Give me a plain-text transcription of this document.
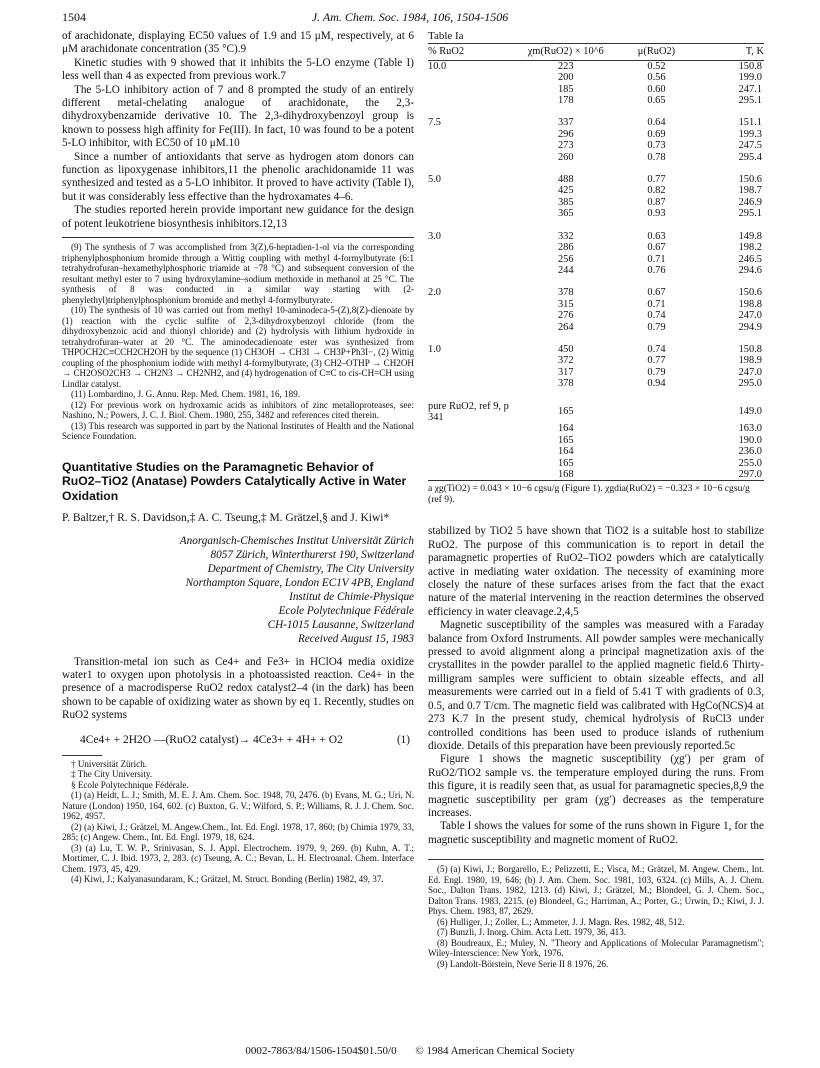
1504	J. Am. Chem. Soc. 1984, 106, 1504-1506

of arachidonate, displaying EC50 values of 1.9 and 15 μM, respectively, at 6 μM arachidonate concentration (35 °C).9

Kinetic studies with 9 showed that it inhibits the 5-LO enzyme (Table I) less well than 4 as expected from previous work.7

The 5-LO inhibitory action of 7 and 8 prompted the study of an entirely different metal-chelating analogue of arachidonate, the 2,3-dihydroxybenzamide derivative 10. The 2,3-dihydroxybenzoyl group is known to possess high affinity for Fe(III). In fact, 10 was found to be a potent 5-LO inhibitor, with EC50 of 10 μM.10

Since a number of antioxidants that serve as hydrogen atom donors can function as lipoxygenase inhibitors,11 the phenolic arachidonamide 11 was synthesized and tested as a 5-LO inhibitor. It proved to have activity (Table I), but it was considerably less effective than the hydroxamates 4–6.

The studies reported herein provide important new guidance for the design of potent leukotriene biosynthesis inhibitors.12,13

(9) The synthesis of 7 was accomplished from 3(Z),6-heptadien-1-ol via the corresponding triphenylphosphonium bromide through a Wittig coupling with methyl 4-formylbutyrate (6:1 tetrahydrofuran–hexamethylphosphoric triamide at −78 °C) and subsequent conversion of the resultant methyl ester to 7 using hydroxylamine–sodium methoxide in methanol at 25 °C. The synthesis of 8 was conducted in a similar way starting with (2-phenylethyl)triphenylphosphonium bromide and methyl 4-formylbutyrate.

(10) The synthesis of 10 was carried out from methyl 10-aminodeca-5-(Z),8(Z)-dienoate by (1) reaction with the cyclic sulfite of 2,3-dihydroxybenzoyl chloride (from the dihydroxybenzoic acid and thionyl chloride) and (2) hydrolysis with lithium hydroxide in tetrahydrofuran–water at 20 °C. The aminodecadienoate ester was synthesized from THPOCH2C≡CCH2CH2OH by the sequence (1) CH3OH → CH3I → CH3P+Ph3I−, (2) Wittig coupling of the phosphonium iodide with methyl 4-formylbutyrate, (3) CH2–OTHP → CH2OH → CH2OSO2CH3 → CH2N3 → CH2NH2, and (4) hydrogenation of C≡C to cis-CH=CH using Lindlar catalyst.

(11) Lombardino, J. G. Annu. Rep. Med. Chem. 1981, 16, 189.

(12) For previous work on hydroxamic acids as inhibitors of zinc metalloproteases, see: Nashino, N.; Powers, J. C. J. Biol. Chem. 1980, 255, 3482 and references cited therein.

(13) This research was supported in part by the National Institutes of Health and the National Science Foundation.

Quantitative Studies on the Paramagnetic Behavior of RuO2–TiO2 (Anatase) Powders Catalytically Active in Water Oxidation
P. Baltzer,† R. S. Davidson,‡ A. C. Tseung,‡ M. Grätzel,§ and J. Kiwi*
Anorganisch-Chemisches Institut Universität Zürich
8057 Zürich, Winterthurerst 190, Switzerland
Department of Chemistry, The City University
Northampton Square, London EC1V 4PB, England
Institut de Chimie-Physique
Ecole Polytechnique Fédérale
CH-1015 Lausanne, Switzerland
Received August 15, 1983

Transition-metal ion such as Ce4+ and Fe3+ in HClO4 media oxidize water1 to oxygen upon photolysis in a photoassisted reaction. Ce4+ in the presence of a macrodisperse RuO2 redox catalyst2–4 (in the dark) has been shown to be capable of oxidizing water as shown by eq 1. Recently, studies on RuO2 systems

4Ce4+ + 2H2O —(RuO2 catalyst)→ 4Ce3+ + 4H+ + O2	(1)

† Universität Zürich.

‡ The City University.

§ Ecole Polytechnique Fédérale.

(1) (a) Heidt, L. J.; Smith, M. E. J. Am. Chem. Soc. 1948, 70, 2476. (b) Evans, M. G.; Uri, N. Nature (London) 1950, 164, 602. (c) Buxton, G. V.; Wilford, S. P.; Williams, R. J. J. Chem. Soc. 1962, 4957.

(2) (a) Kiwi, J.; Grätzel, M. Angew.Chem., Int. Ed. Engl. 1978, 17, 860; (b) Chimia 1979, 33, 285; (c) Angew. Chem., Int. Ed. Engl. 1979, 18, 624.

(3) (a) Lu, T. W. P., Srinivasan, S. J. Appl. Electrochem. 1979, 9, 269. (b) Kuhn, A. T.; Mortimer, C. J. Ibid. 1973, 2, 283. (c) Tseung, A. C.; Bevan, L. H. Electroanal. Chem. Interface Chem. 1973, 45, 429.

(4) Kiwi, J.; Kalyanasundaram, K.; Grätzel, M. Struct. Bonding (Berlin) 1982, 49, 37.

Table Ia
% RuO2	χm(RuO2) × 10^6	μ(RuO2)	T, K
10.0	223	0.52	150.8
	200	0.56	199.0
	185	0.60	247.1
	178	0.65	295.1
7.5	337	0.64	151.1
	296	0.69	199.3
	273	0.73	247.5
	260	0.78	295.4
5.0	488	0.77	150.6
	425	0.82	198.7
	385	0.87	246.9
	365	0.93	295.1
3.0	332	0.63	149.8
	286	0.67	198.2
	256	0.71	246.5
	244	0.76	294.6
2.0	378	0.67	150.6
	315	0.71	198.8
	276	0.74	247.0
	264	0.79	294.9
1.0	450	0.74	150.8
	372	0.77	198.9
	317	0.79	247.0
	378	0.94	295.0
pure RuO2, ref 9, p 341	165		149.0
	164		163.0
	165		190.0
	164		236.0
	165		255.0
	168		297.0
a χg(TiO2) = 0.043 × 10−6 cgsu/g (Figure 1). χgdia(RuO2) = −0.323 × 10−6 cgsu/g (ref 9).

stabilized by TiO2 5 have shown that TiO2 is a suitable host to stabilize RuO2. The purpose of this communication is to report in detail the paramagnetic properties of RuO2–TiO2 powders which are catalytically active in mediating water oxidation. The necessity of examining more closely the nature of these surfaces arises from the fact that the exact nature of the material intervening in the reaction determines the observed efficiency in water cleavage.2,4,5

Magnetic susceptibility of the samples was measured with a Faraday balance from Oxford Instruments. All powder samples were mechanically pressed to avoid alignment along a principal magnetization axis of the crystallites in the powder parallel to the applied magnetic field.6 Thirty-milligram samples were sufficient to obtain sizeable effects, and all measurements were carried out in a field of 5.41 T with gradients of 0.3, 0.5, and 0.7 T/cm. The magnetic field was calibrated with HgCo(NCS)4 at 273 K.7 In the present study, chemical hydrolysis of RuCl3 under controlled conditions has been used to produce islands of ruthenium dioxide. Details of this preparation have been previously reported.5c

Figure 1 shows the magnetic susceptibility (χg′) per gram of RuO2/TiO2 sample vs. the temperature employed during the runs. From this figure, it is readily seen that, as usual for paramagnetic species,8,9 the magnetic susceptibility per gram (χg′) decreases as the temperature increases.

Table I shows the values for some of the runs shown in Figure 1, for the magnetic susceptibility and magnetic moment of RuO2.

(5) (a) Kiwi, J.; Borgarello, E.; Pelizzetti, E.; Visca, M.; Grätzel, M. Angew. Chem., Int. Ed. Engl. 1980, 19, 646; (b) J. Am. Chem. Soc. 1981, 103, 6324. (c) Mills, A. J. Chem. Soc., Dalton Trans. 1982, 1213. (d) Kiwi, J.; Grätzel, M.; Blondeel, G. J. Chem. Soc., Dalton Trans. 1983, 2215. (e) Blondeel, G.; Harriman, A.; Porter, G.; Urwin, D.; Kiwi, J. J. Phys. Chem. 1983, 87, 2629.

(6) Hulliger, J.; Zoller, L.; Ammeter, J. J. Magn. Res. 1982, 48, 512.

(7) Bunzli, J. Inorg. Chim. Acta Lett. 1979, 36, 413.

(8) Boudreaux, E.; Muley, N. "Theory and Applications of Molecular Paramagnetism"; Wiley-Interscience: New York, 1976.

(9) Landolt-Börstein, Neve Serie II 8 1976, 26.

0002-7863/84/1506-1504$01.50/0 © 1984 American Chemical Society
